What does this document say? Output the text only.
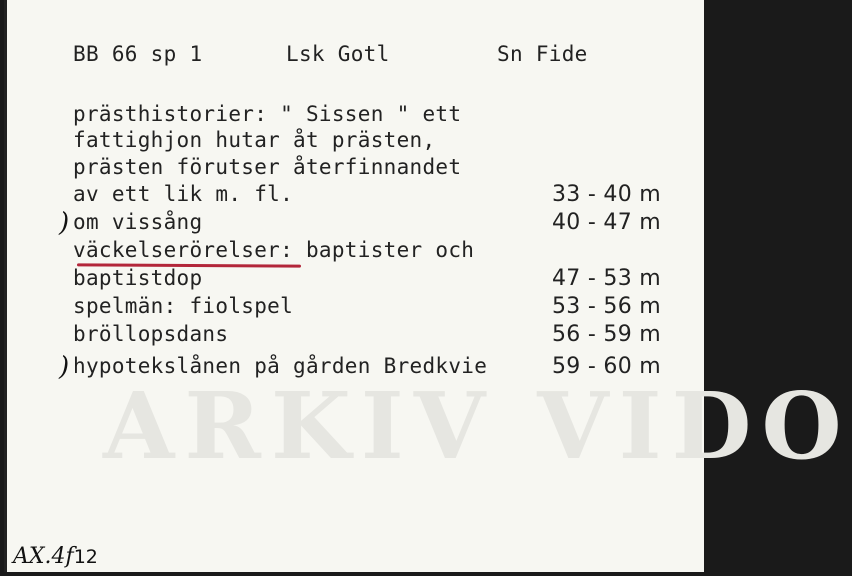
ARKIV VIDO
BB 66 sp 1	Lsk Gotl	Sn Fide
prästhistorier: " Sissen " ett
fattighjon hutar åt prästen,
prästen förutser återfinnandet
av ett lik m. fl.	33 - 40 m
) om vissång	40 - 47 m
väckelserörelser: baptister och
baptistdop	47 - 53 m
spelmän: fiolspel	53 - 56 m
bröllopsdans	56 - 59 m
) hypotekslånen på gården Bredkvie	59 - 60 m
AX.4f12
